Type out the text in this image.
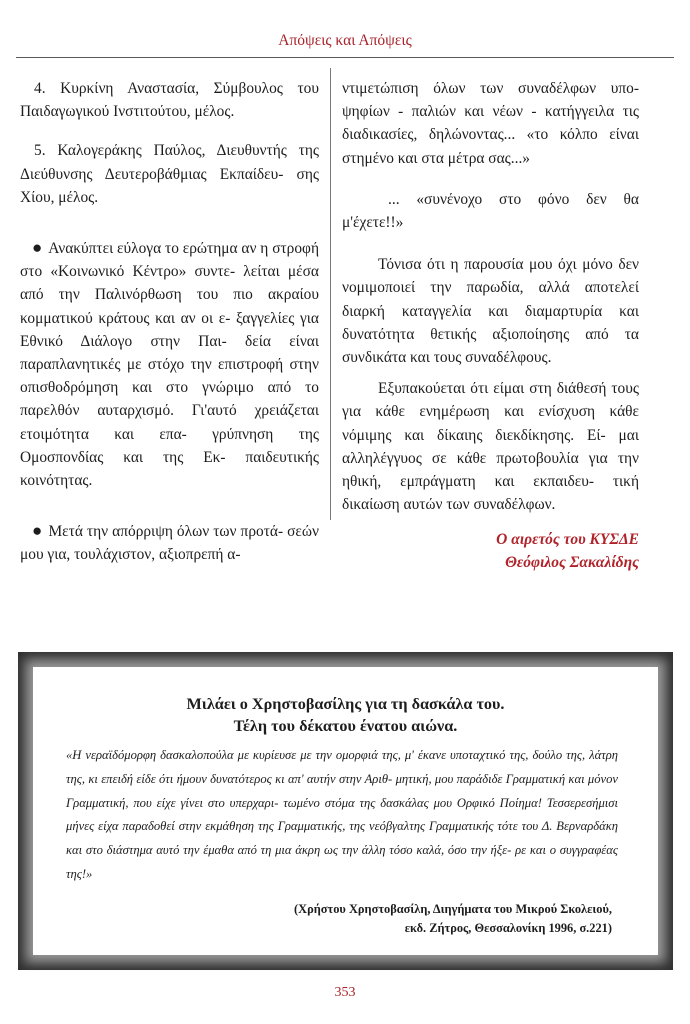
Απόψεις και Απόψεις

4. Κυρκίνη Αναστασία, Σύμβουλος του Παιδαγωγικού Ινστιτούτου, μέλος.

5. Καλογεράκης Παύλος, Διευθυντής της Διεύθυνσης Δευτεροβάθμιας Εκπαίδευ- σης Χίου, μέλος.

● Ανακύπτει εύλογα το ερώτημα αν η στροφή στο «Κοινωνικό Κέντρο» συντε- λείται μέσα από την Παλινόρθωση του πιο ακραίου κομματικού κράτους και αν οι ε- ξαγγελίες για Εθνικό Διάλογο στην Παι- δεία είναι παραπλανητικές με στόχο την επιστροφή στην οπισθοδρόμηση και στο γνώριμο από το παρελθόν αυταρχισμό. Γι'αυτό χρειάζεται ετοιμότητα και επα- γρύπνηση της Ομοσπονδίας και της Εκ- παιδευτικής κοινότητας.

● Μετά την απόρριψη όλων των προτά- σεών μου για, τουλάχιστον, αξιοπρεπή α-

ντιμετώπιση όλων των συναδέλφων υπο- ψηφίων - παλιών και νέων - κατήγγειλα τις διαδικασίες, δηλώνοντας... «το κόλπο είναι στημένο και στα μέτρα σας...»

... «συνένοχο στο φόνο δεν θα μ'έχετε!!»

Τόνισα ότι η παρουσία μου όχι μόνο δεν νομιμοποιεί την παρωδία, αλλά αποτελεί διαρκή καταγγελία και διαμαρτυρία και δυνατότητα θετικής αξιοποίησης από τα συνδικάτα και τους συναδέλφους.

Εξυπακούεται ότι είμαι στη διάθεσή τους για κάθε ενημέρωση και ενίσχυση κάθε νόμιμης και δίκαιης διεκδίκησης. Εί- μαι αλληλέγγυος σε κάθε πρωτοβουλία για την ηθική, εμπράγματη και εκπαιδευ- τική δικαίωση αυτών των συναδέλφων.

Ο αιρετός του ΚΥΣΔΕ
Θεόφιλος Σακαλίδης
Μιλάει ο Χρηστοβασίλης για τη δασκάλα του.
Τέλη του δέκατου ένατου αιώνα.

«Η νεραϊδόμορφη δασκαλοπούλα με κυρίευσε με την ομορφιά της, μ' έκανε υποταχτικό της, δούλο της, λάτρη της, κι επειδή είδε ότι ήμουν δυνατότερος κι απ' αυτήν στην Αριθ- μητική, μου παράδιδε Γραμματική και μόνον Γραμματική, που είχε γίνει στο υπερχαρι- τωμένο στόμα της δασκάλας μου Ορφικό Ποίημα! Τεσσερεσήμισι μήνες είχα παραδοθεί στην εκμάθηση της Γραμματικής, της νεόβγαλτης Γραμματικής τότε του Δ. Βερναρδάκη και στο διάστημα αυτό την έμαθα από τη μια άκρη ως την άλλη τόσο καλά, όσο την ήξε- ρε και ο συγγραφέας της!»

(Χρήστου Χρηστοβασίλη, Διηγήματα του Μικρού Σκολειού,
εκδ. Ζήτρος, Θεσσαλονίκη 1996, σ.221)
353
